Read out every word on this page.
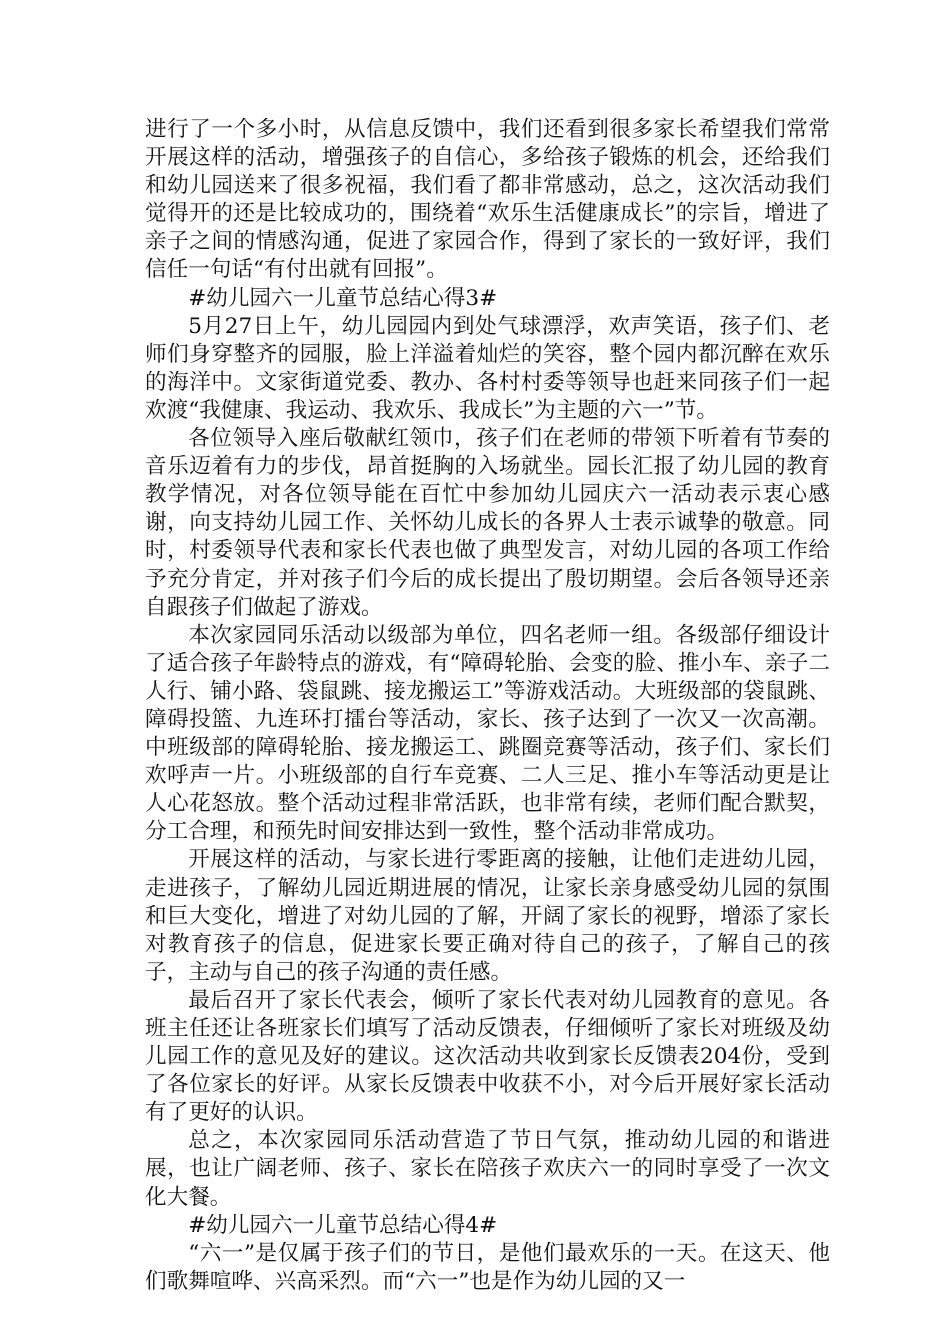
进行了一个多小时，从信息反馈中，我们还看到很多家长希望我们常常开展这样的活动，增强孩子的自信心，多给孩子锻炼的机会，还给我们和幼儿园送来了很多祝福，我们看了都非常感动，总之，这次活动我们觉得开的还是比较成功的，围绕着“欢乐生活健康成长”的宗旨，增进了亲子之间的情感沟通，促进了家园合作，得到了家长的一致好评，我们信任一句话“有付出就有回报”。

#幼儿园六一儿童节总结心得3#

5月27日上午，幼儿园园内到处气球漂浮，欢声笑语，孩子们、老师们身穿整齐的园服，脸上洋溢着灿烂的笑容，整个园内都沉醉在欢乐的海洋中。文家街道党委、教办、各村村委等领导也赶来同孩子们一起欢渡“我健康、我运动、我欢乐、我成长”为主题的六一”节。

各位领导入座后敬献红领巾，孩子们在老师的带领下听着有节奏的音乐迈着有力的步伐，昂首挺胸的入场就坐。园长汇报了幼儿园的教育教学情况，对各位领导能在百忙中参加幼儿园庆六一活动表示衷心感谢，向支持幼儿园工作、关怀幼儿成长的各界人士表示诚挚的敬意。同时，村委领导代表和家长代表也做了典型发言，对幼儿园的各项工作给予充分肯定，并对孩子们今后的成长提出了殷切期望。会后各领导还亲自跟孩子们做起了游戏。

本次家园同乐活动以级部为单位，四名老师一组。各级部仔细设计了适合孩子年龄特点的游戏，有“障碍轮胎、会变的脸、推小车、亲子二人行、铺小路、袋鼠跳、接龙搬运工”等游戏活动。大班级部的袋鼠跳、障碍投篮、九连环打擂台等活动，家长、孩子达到了一次又一次高潮。中班级部的障碍轮胎、接龙搬运工、跳圈竞赛等活动，孩子们、家长们欢呼声一片。小班级部的自行车竞赛、二人三足、推小车等活动更是让人心花怒放。整个活动过程非常活跃，也非常有续，老师们配合默契，分工合理，和预先时间安排达到一致性，整个活动非常成功。

开展这样的活动，与家长进行零距离的接触，让他们走进幼儿园，走进孩子，了解幼儿园近期进展的情况，让家长亲身感受幼儿园的氛围和巨大变化，增进了对幼儿园的了解，开阔了家长的视野，增添了家长对教育孩子的信息，促进家长要正确对待自己的孩子，了解自己的孩子，主动与自己的孩子沟通的责任感。

最后召开了家长代表会，倾听了家长代表对幼儿园教育的意见。各班主任还让各班家长们填写了活动反馈表，仔细倾听了家长对班级及幼儿园工作的意见及好的建议。这次活动共收到家长反馈表204份，受到了各位家长的好评。从家长反馈表中收获不小，对今后开展好家长活动有了更好的认识。

总之，本次家园同乐活动营造了节日气氛，推动幼儿园的和谐进展，也让广阔老师、孩子、家长在陪孩子欢庆六一的同时享受了一次文化大餐。

#幼儿园六一儿童节总结心得4#

“六一”是仅属于孩子们的节日，是他们最欢乐的一天。在这天、他们歌舞喧哗、兴高采烈。而“六一”也是作为幼儿园的又一
